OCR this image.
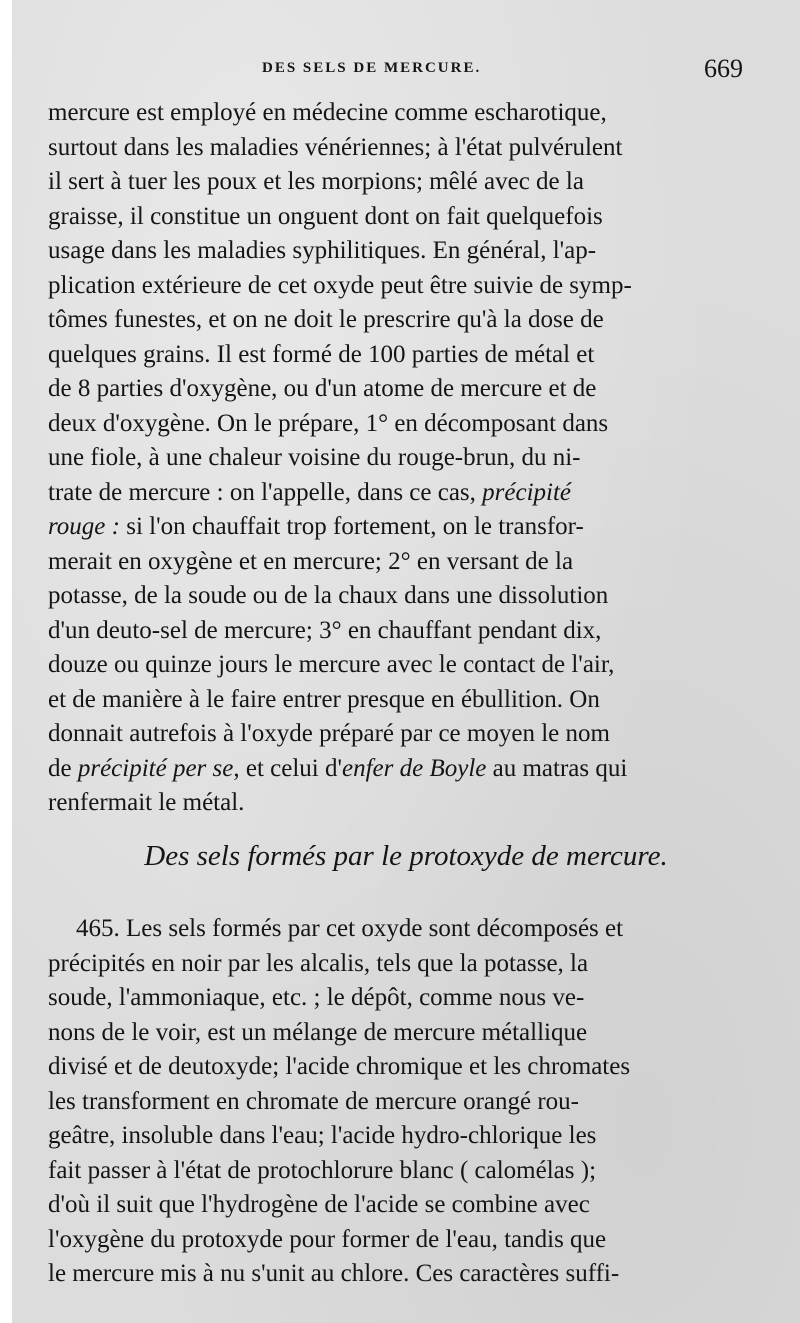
DES SELS DE MERCURE.	669
mercure est employé en médecine comme escharotique,
surtout dans les maladies vénériennes; à l'état pulvérulent
il sert à tuer les poux et les morpions; mêlé avec de la
graisse, il constitue un onguent dont on fait quelquefois
usage dans les maladies syphilitiques. En général, l'ap-
plication extérieure de cet oxyde peut être suivie de symp-
tômes funestes, et on ne doit le prescrire qu'à la dose de
quelques grains. Il est formé de 100 parties de métal et
de 8 parties d'oxygène, ou d'un atome de mercure et de
deux d'oxygène. On le prépare, 1° en décomposant dans
une fiole, à une chaleur voisine du rouge-brun, du ni-
trate de mercure : on l'appelle, dans ce cas, précipité
rouge : si l'on chauffait trop fortement, on le transfor-
merait en oxygène et en mercure; 2° en versant de la
potasse, de la soude ou de la chaux dans une dissolution
d'un deuto-sel de mercure; 3° en chauffant pendant dix,
douze ou quinze jours le mercure avec le contact de l'air,
et de manière à le faire entrer presque en ébullition. On
donnait autrefois à l'oxyde préparé par ce moyen le nom
de précipité per se, et celui d'enfer de Boyle au matras qui
renfermait le métal.
Des sels formés par le protoxyde de mercure.
465. Les sels formés par cet oxyde sont décomposés et
précipités en noir par les alcalis, tels que la potasse, la
soude, l'ammoniaque, etc. ; le dépôt, comme nous ve-
nons de le voir, est un mélange de mercure métallique
divisé et de deutoxyde; l'acide chromique et les chromates
les transforment en chromate de mercure orangé rou-
geâtre, insoluble dans l'eau; l'acide hydro-chlorique les
fait passer à l'état de protochlorure blanc ( calomélas );
d'où il suit que l'hydrogène de l'acide se combine avec
l'oxygène du protoxyde pour former de l'eau, tandis que
le mercure mis à nu s'unit au chlore. Ces caractères suffi-
